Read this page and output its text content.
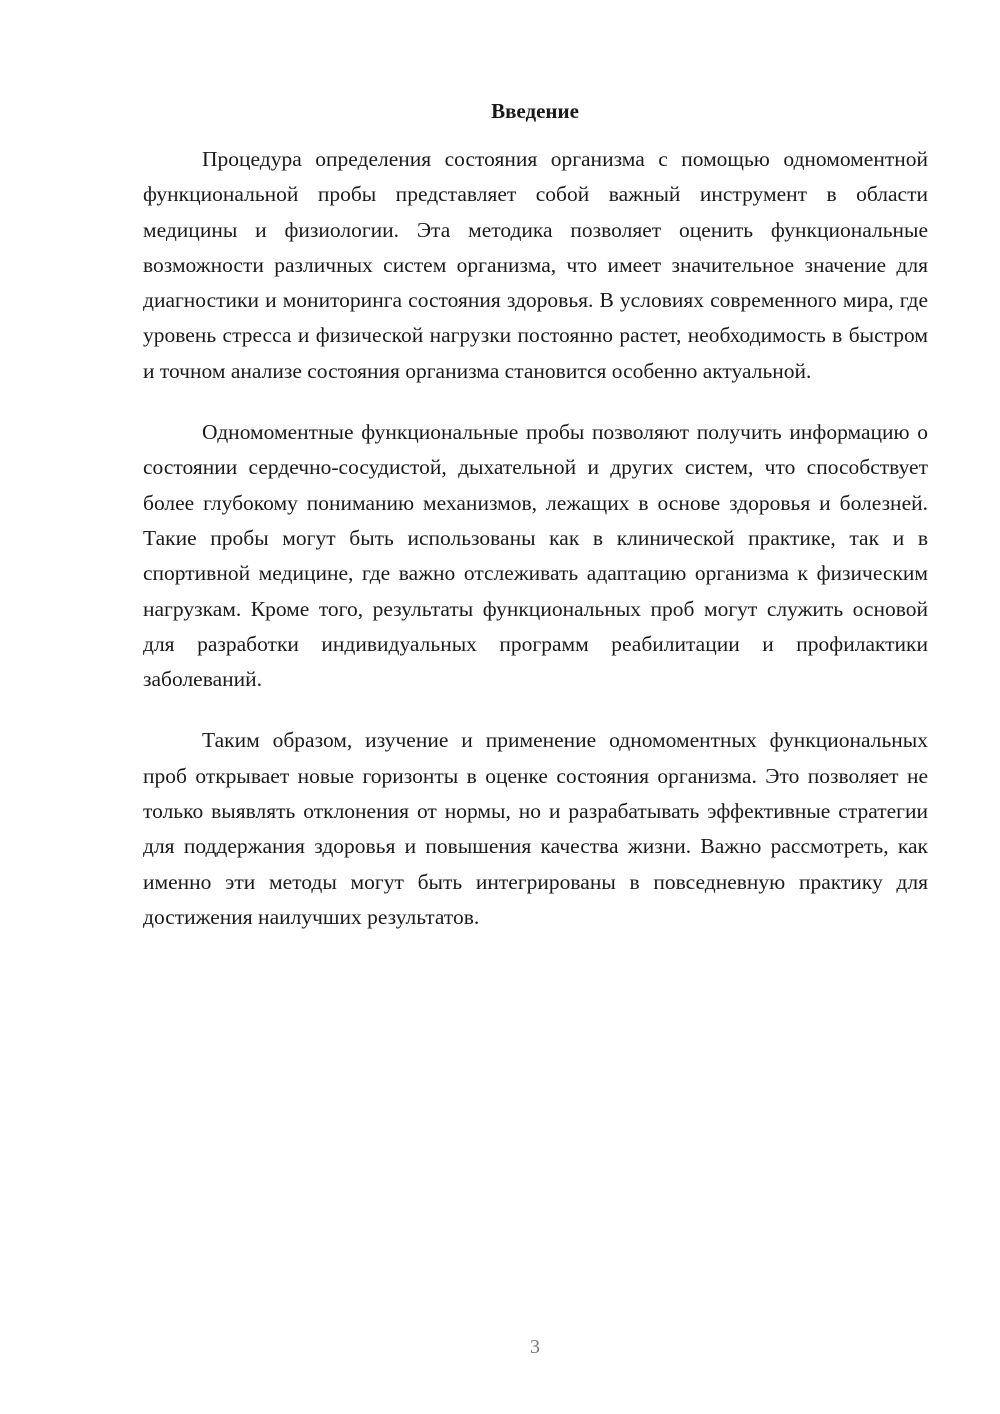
Введение

Процедура определения состояния организма с помощью одномоментной функциональной пробы представляет собой важный инструмент в области медицины и физиологии. Эта методика позволяет оценить функциональные возможности различных систем организма, что имеет значительное значение для диагностики и мониторинга состояния здоровья. В условиях современного мира, где уровень стресса и физической нагрузки постоянно растет, необходимость в быстром и точном анализе состояния организма становится особенно актуальной.

Одномоментные функциональные пробы позволяют получить информацию о состоянии сердечно-сосудистой, дыхательной и других систем, что способствует более глубокому пониманию механизмов, лежащих в основе здоровья и болезней. Такие пробы могут быть использованы как в клинической практике, так и в спортивной медицине, где важно отслеживать адаптацию организма к физическим нагрузкам. Кроме того, результаты функциональных проб могут служить основой для разработки индивидуальных программ реабилитации и профилактики заболеваний.

Таким образом, изучение и применение одномоментных функциональных проб открывает новые горизонты в оценке состояния организма. Это позволяет не только выявлять отклонения от нормы, но и разрабатывать эффективные стратегии для поддержания здоровья и повышения качества жизни. Важно рассмотреть, как именно эти методы могут быть интегрированы в повседневную практику для достижения наилучших результатов.

3
